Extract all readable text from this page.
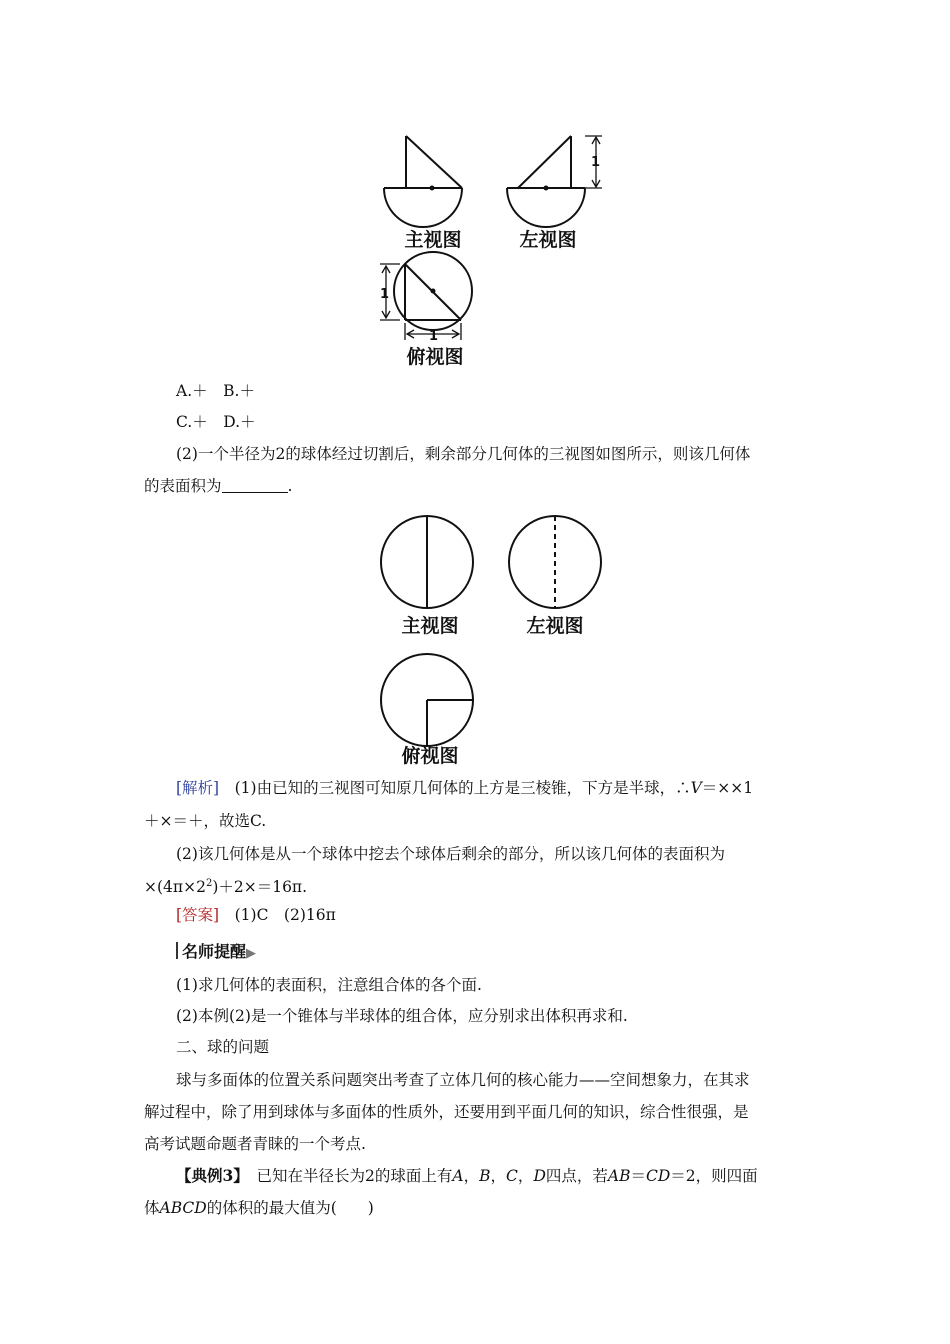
主视图
1
左视图
1
1
俯视图
A.＋　B.＋
C.＋　D.＋
(2)一个半径为2的球体经过切割后，剩余部分几何体的三视图如图所示，则该几何体
的表面积为	.
主视图	左视图
俯视图
[解析]　(1)由已知的三视图可知原几何体的上方是三棱锥，下方是半球，∴V＝××1
＋×＝＋，故选C.
(2)该几何体是从一个球体中挖去个球体后剩余的部分，所以该几何体的表面积为
$\times(4\pi\times 2^2)+2\times=16\pi$.
[答案]　(1)C　(2)16π
名师提醒▶
(1)求几何体的表面积，注意组合体的各个面.
(2)本例(2)是一个锥体与半球体的组合体，应分别求出体积再求和.
二、球的问题
球与多面体的位置关系问题突出考查了立体几何的核心能力——空间想象力，在其求
解过程中，除了用到球体与多面体的性质外，还要用到平面几何的知识，综合性很强，是
高考试题命题者青睐的一个考点.
【典例3】　已知在半径长为2的球面上有A，B，C，D四点，若AB＝CD＝2，则四面
体ABCD的体积的最大值为(　　)
